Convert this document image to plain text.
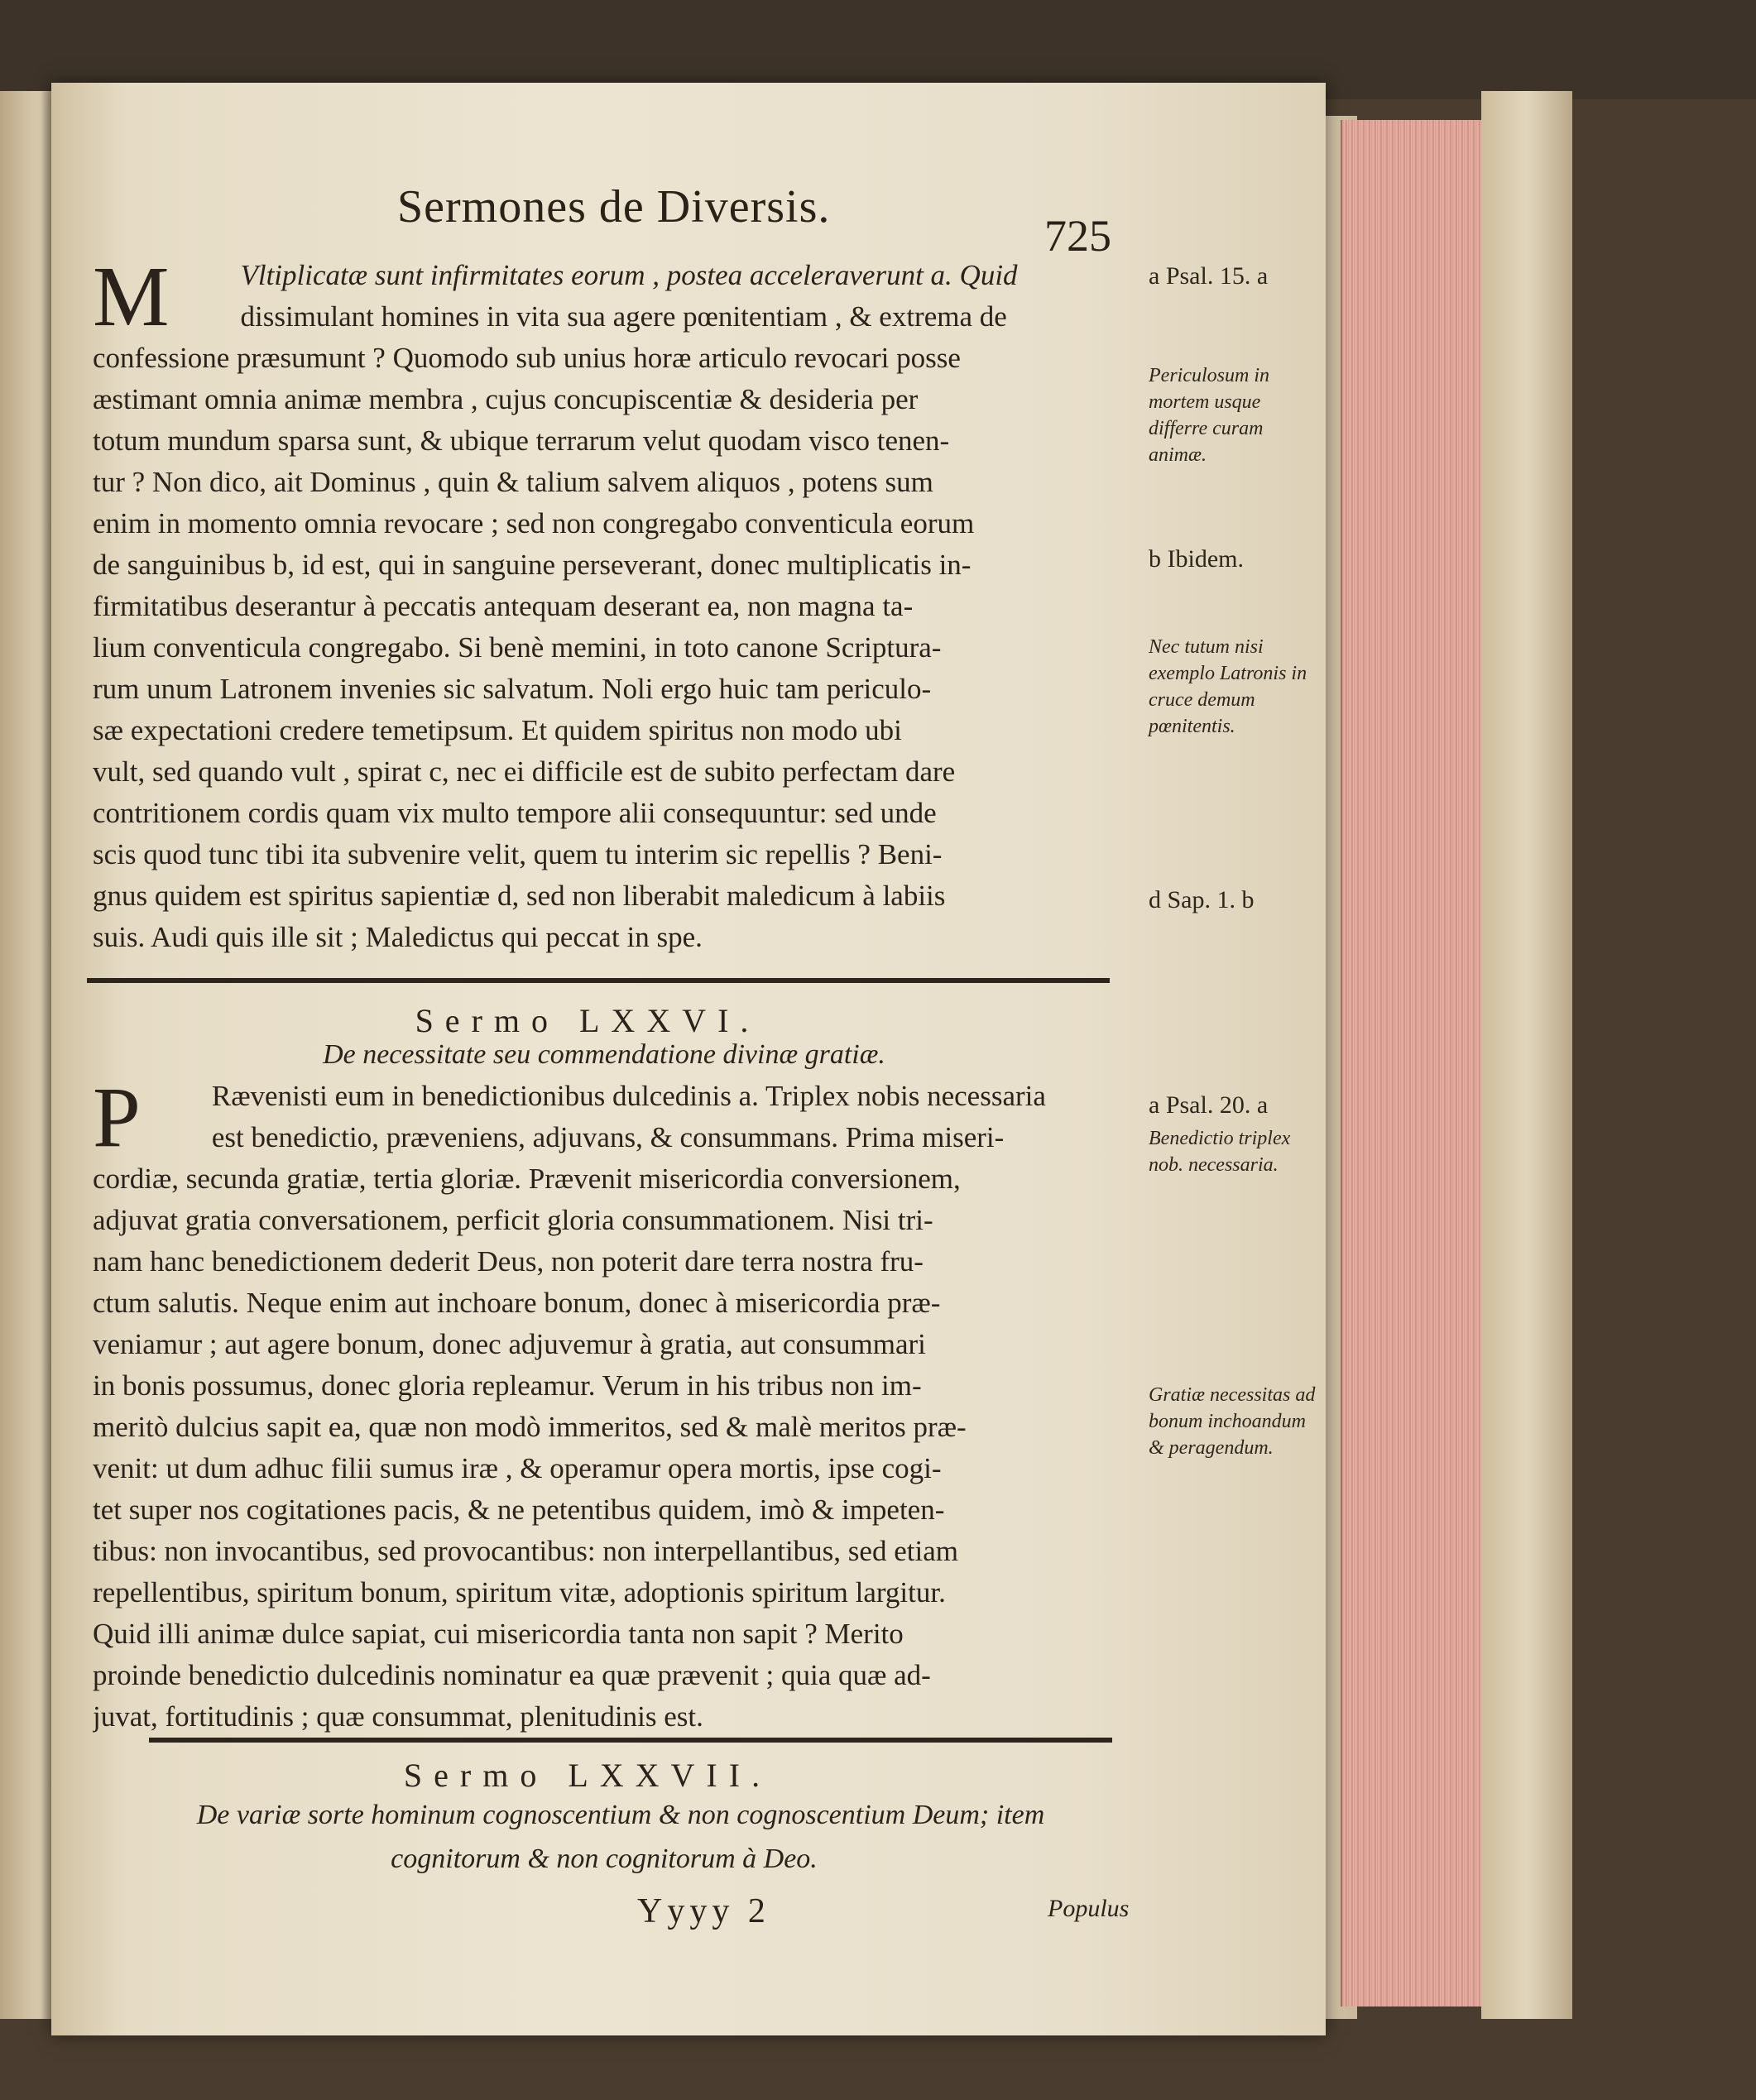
Sermones de Diversis.
725
M Vltiplicatæ sunt infirmitates eorum , postea acceleraverunt a. Quid
dissimulant homines in vita sua agere pœnitentiam , & extrema de
confessione præsumunt ? Quomodo sub unius horæ articulo revocari posse
æstimant omnia animæ membra , cujus concupiscentiæ & desideria per
totum mundum sparsa sunt, & ubique terrarum velut quodam visco tenen-
tur ? Non dico, ait Dominus , quin & talium salvem aliquos , potens sum
enim in momento omnia revocare ; sed non congregabo conventicula eorum
de sanguinibus b, id est, qui in sanguine perseverant, donec multiplicatis in-
firmitatibus deserantur à peccatis antequam deserant ea, non magna ta-
lium conventicula congregabo. Si benè memini, in toto canone Scriptura-
rum unum Latronem invenies sic salvatum. Noli ergo huic tam periculo-
sæ expectationi credere temetipsum. Et quidem spiritus non modo ubi
vult, sed quando vult , spirat c, nec ei difficile est de subito perfectam dare
contritionem cordis quam vix multo tempore alii consequuntur: sed unde
scis quod tunc tibi ita subvenire velit, quem tu interim sic repellis ? Beni-
gnus quidem est spiritus sapientiæ d, sed non liberabit maledicum à labiis
suis. Audi quis ille sit ; Maledictus qui peccat in spe.
Sermo LXXVI.
De necessitate seu commendatione divinæ gratiæ.
P Rævenisti eum in benedictionibus dulcedinis a. Triplex nobis necessaria
est benedictio, præveniens, adjuvans, & consummans. Prima miseri-
cordiæ, secunda gratiæ, tertia gloriæ. Prævenit misericordia conversionem,
adjuvat gratia conversationem, perficit gloria consummationem. Nisi tri-
nam hanc benedictionem dederit Deus, non poterit dare terra nostra fru-
ctum salutis. Neque enim aut inchoare bonum, donec à misericordia præ-
veniamur ; aut agere bonum, donec adjuvemur à gratia, aut consummari
in bonis possumus, donec gloria repleamur. Verum in his tribus non im-
meritò dulcius sapit ea, quæ non modò immeritos, sed & malè meritos præ-
venit: ut dum adhuc filii sumus iræ , & operamur opera mortis, ipse cogi-
tet super nos cogitationes pacis, & ne petentibus quidem, imò & impeten-
tibus: non invocantibus, sed provocantibus: non interpellantibus, sed etiam
repellentibus, spiritum bonum, spiritum vitæ, adoptionis spiritum largitur.
Quid illi animæ dulce sapiat, cui misericordia tanta non sapit ? Merito
proinde benedictio dulcedinis nominatur ea quæ prævenit ; quia quæ ad-
juvat, fortitudinis ; quæ consummat, plenitudinis est.
Sermo LXXVII.
De variæ sorte hominum cognoscentium & non cognoscentium Deum; item
cognitorum & non cognitorum à Deo.
Yyyy 2	Populus
a Psal. 15. a
Periculosum in mortem usque differre curam animæ.
b Ibidem.
Nec tutum nisi exemplo Latronis in cruce demum pœnitentis.
d Sap. 1. b
a Psal. 20. a
Benedictio triplex nob. necessaria.
Gratiæ necessitas ad bonum inchoandum & peragendum.
